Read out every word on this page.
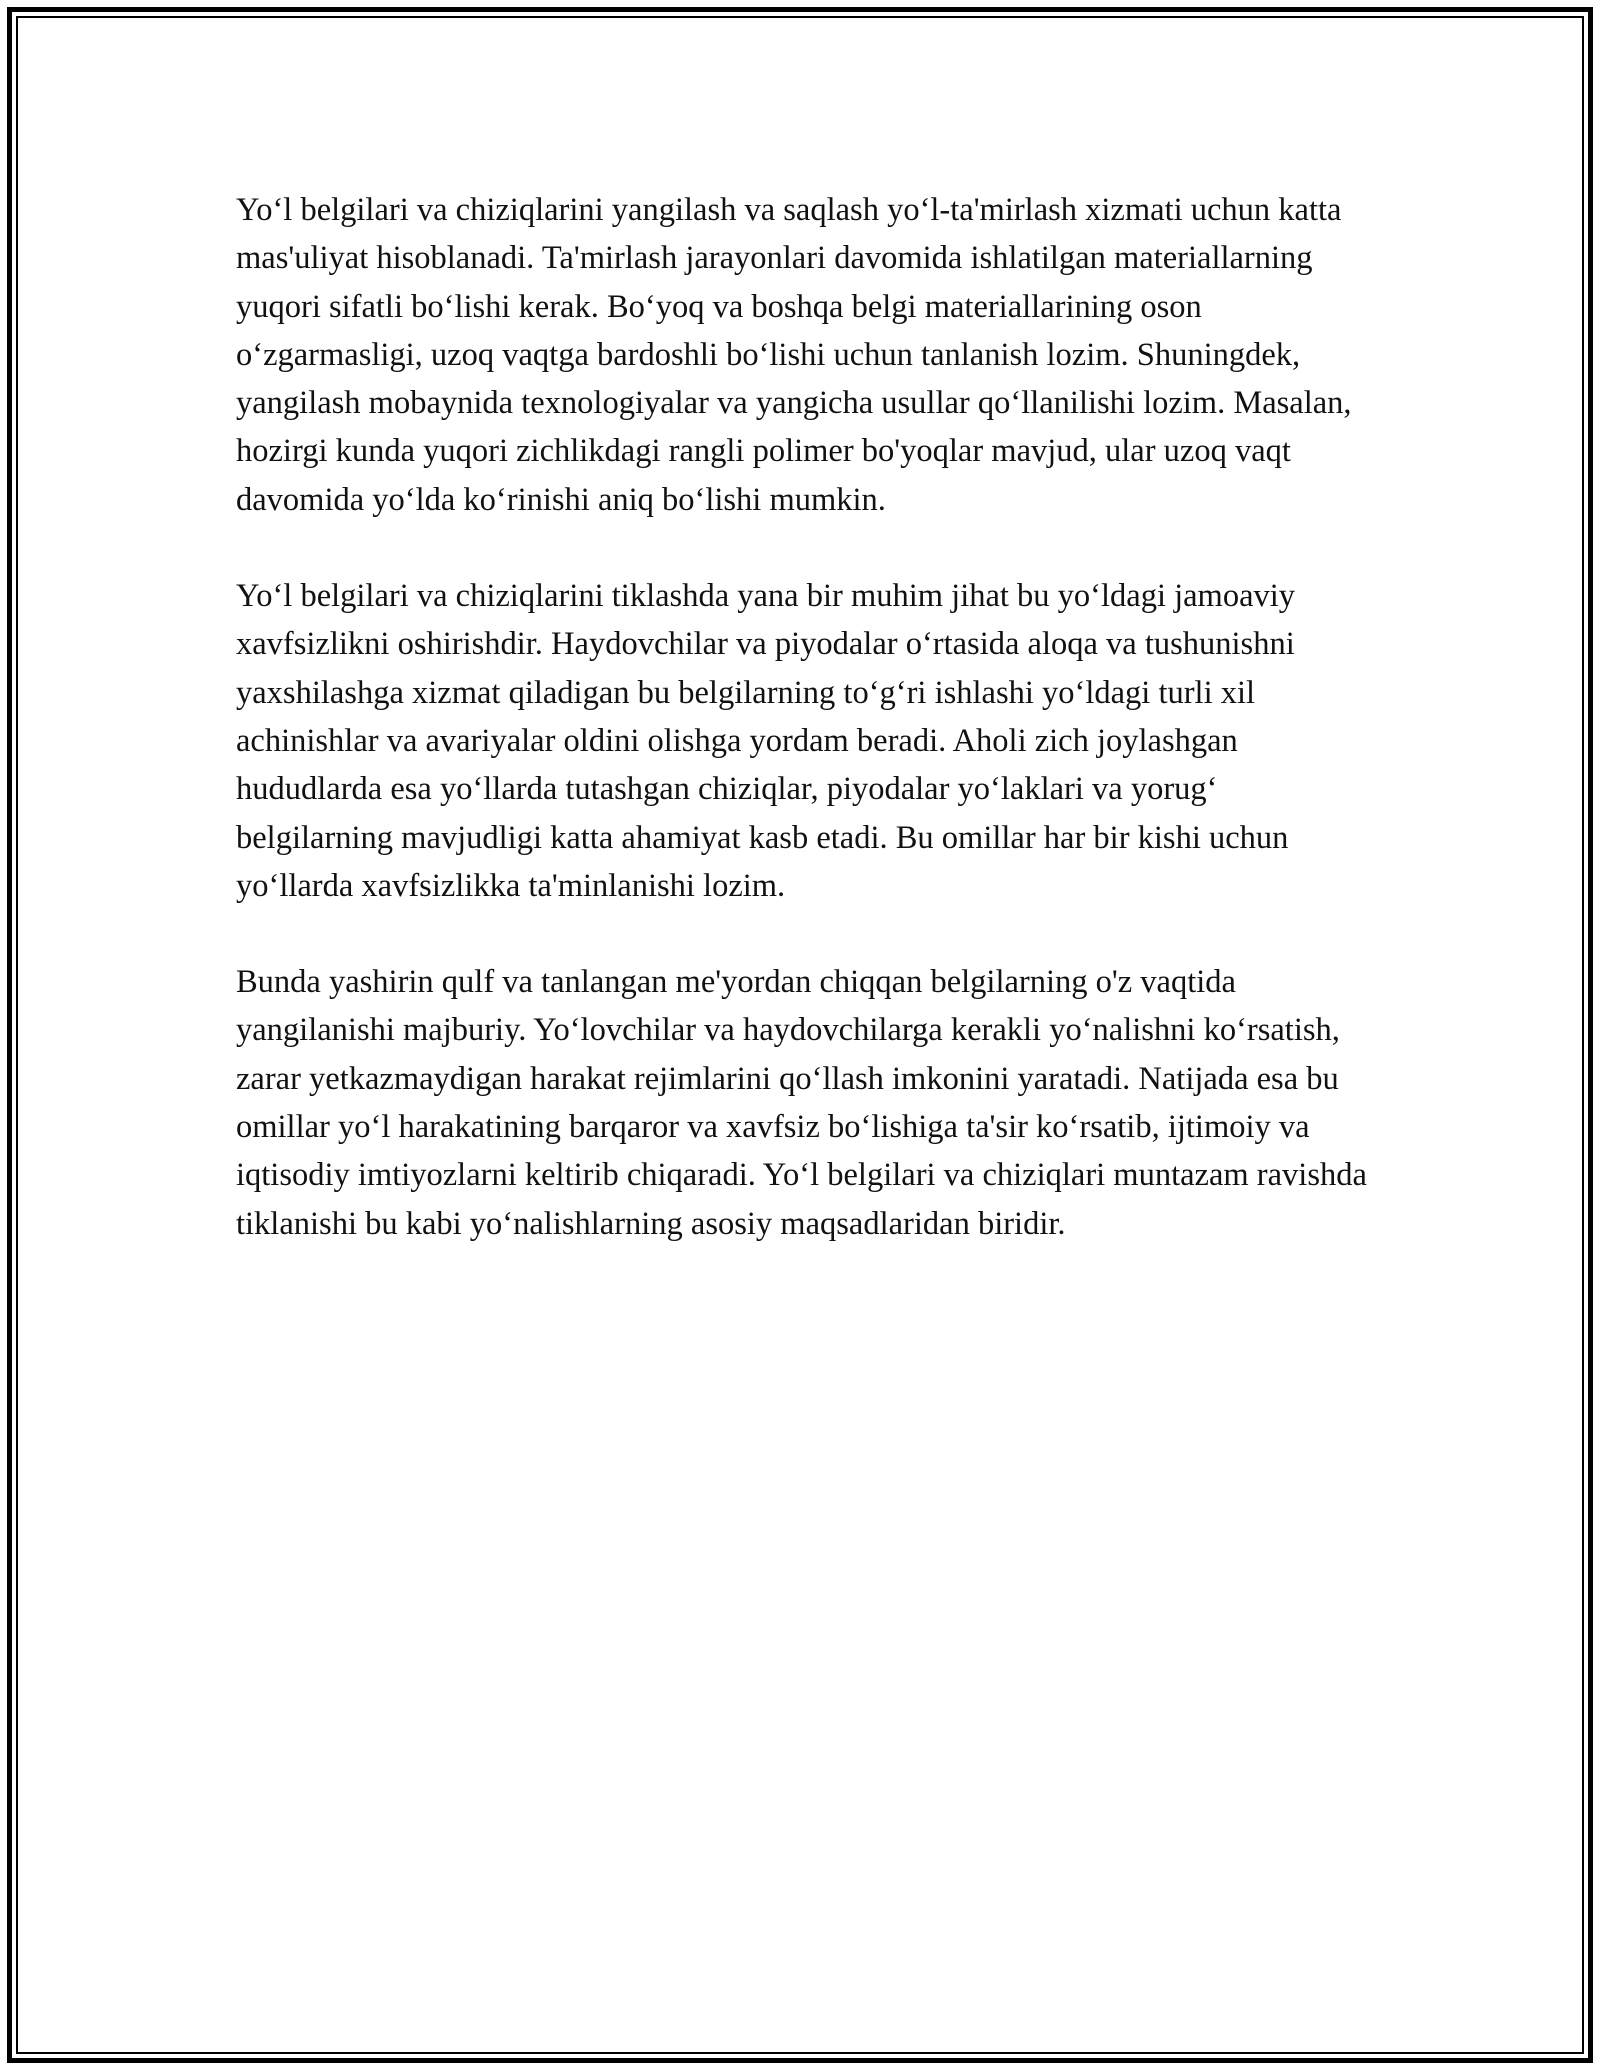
Yo‘l belgilari va chiziqlarini yangilash va saqlash yo‘l-ta'mirlash xizmati uchun katta mas'uliyat hisoblanadi. Ta'mirlash jarayonlari davomida ishlatilgan materiallarning yuqori sifatli bo‘lishi kerak. Bo‘yoq va boshqa belgi materiallarining oson o‘zgarmasligi, uzoq vaqtga bardoshli bo‘lishi uchun tanlanish lozim. Shuningdek, yangilash mobaynida texnologiyalar va yangicha usullar qo‘llanilishi lozim. Masalan, hozirgi kunda yuqori zichlikdagi rangli polimer bo'yoqlar mavjud, ular uzoq vaqt davomida yo‘lda ko‘rinishi aniq bo‘lishi mumkin.

Yo‘l belgilari va chiziqlarini tiklashda yana bir muhim jihat bu yo‘ldagi jamoaviy xavfsizlikni oshirishdir. Haydovchilar va piyodalar o‘rtasida aloqa va tushunishni yaxshilashga xizmat qiladigan bu belgilarning to‘g‘ri ishlashi yo‘ldagi turli xil achinishlar va avariyalar oldini olishga yordam beradi. Aholi zich joylashgan hududlarda esa yo‘llarda tutashgan chiziqlar, piyodalar yo‘laklari va yorug‘ belgilarning mavjudligi katta ahamiyat kasb etadi. Bu omillar har bir kishi uchun yo‘llarda xavfsizlikka ta'minlanishi lozim.

Bunda yashirin qulf va tanlangan me'yordan chiqqan belgilarning o'z vaqtida yangilanishi majburiy. Yo‘lovchilar va haydovchilarga kerakli yo‘nalishni ko‘rsatish, zarar yetkazmaydigan harakat rejimlarini qo‘llash imkonini yaratadi. Natijada esa bu omillar yo‘l harakatining barqaror va xavfsiz bo‘lishiga ta'sir ko‘rsatib, ijtimoiy va iqtisodiy imtiyozlarni keltirib chiqaradi. Yo‘l belgilari va chiziqlari muntazam ravishda tiklanishi bu kabi yo‘nalishlarning asosiy maqsadlaridan biridir.
